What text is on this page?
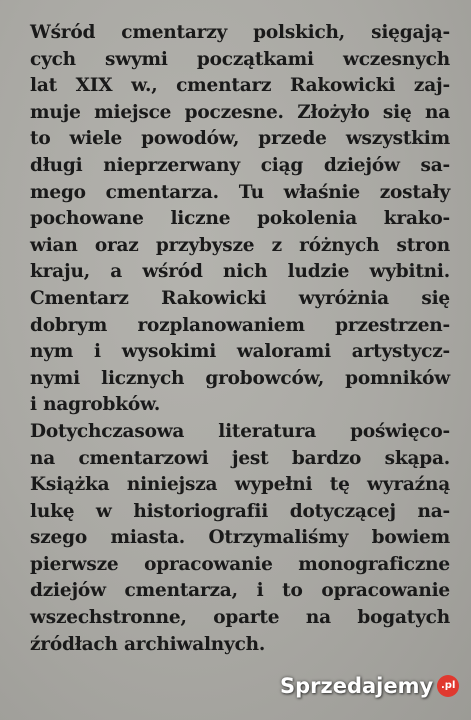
Wśród cmentarzy polskich, sięgają-
cych swymi początkami wczesnych
lat XIX w., cmentarz Rakowicki zaj-
muje miejsce poczesne. Złożyło się na
to wiele powodów, przede wszystkim
długi nieprzerwany ciąg dziejów sa-
mego cmentarza. Tu właśnie zostały
pochowane liczne pokolenia krako-
wian oraz przybysze z różnych stron
kraju, a wśród nich ludzie wybitni.
Cmentarz Rakowicki wyróżnia się
dobrym rozplanowaniem przestrzen-
nym i wysokimi walorami artystycz-
nymi licznych grobowców, pomników
i nagrobków.
Dotychczasowa literatura poświęco-
na cmentarzowi jest bardzo skąpa.
Książka niniejsza wypełni tę wyraźną
lukę w historiografii dotyczącej na-
szego miasta. Otrzymaliśmy bowiem
pierwsze opracowanie monograficzne
dziejów cmentarza, i to opracowanie
wszechstronne, oparte na bogatych
źródłach archiwalnych.
Sprzedajemy .pl
